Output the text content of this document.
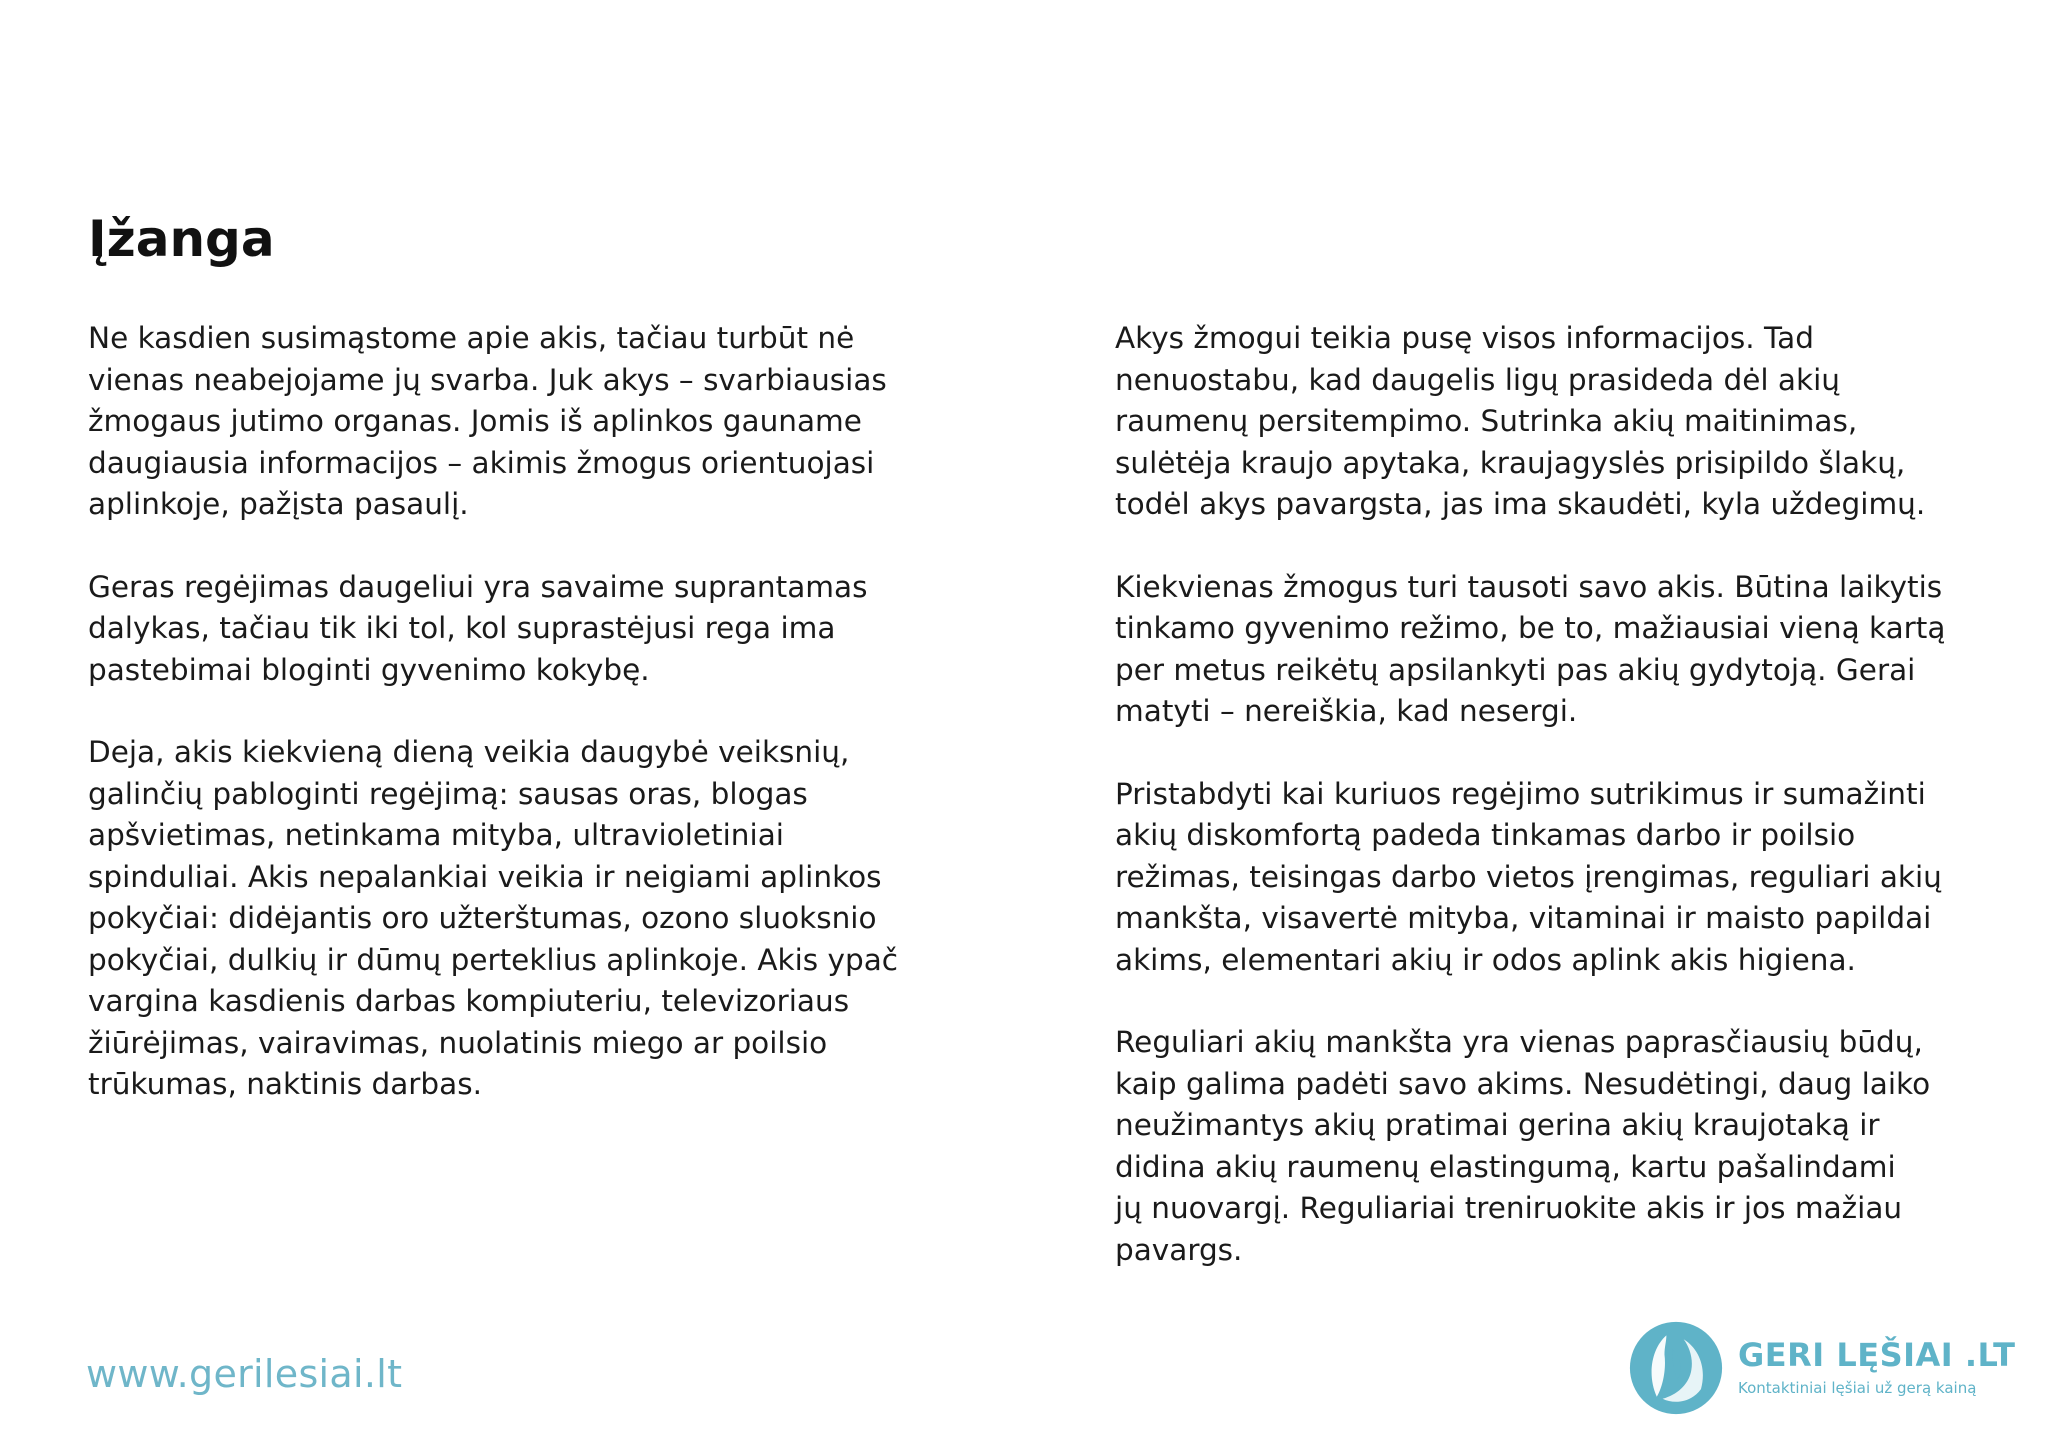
Įžanga

Ne kasdien susimąstome apie akis, tačiau turbūt nė
vienas neabejojame jų svarba. Juk akys – svarbiausias
žmogaus jutimo organas. Jomis iš aplinkos gauname
daugiausia informacijos – akimis žmogus orientuojasi
aplinkoje, pažįsta pasaulį.

Geras regėjimas daugeliui yra savaime suprantamas
dalykas, tačiau tik iki tol, kol suprastėjusi rega ima
pastebimai bloginti gyvenimo kokybę.

Deja, akis kiekvieną dieną veikia daugybė veiksnių,
galinčių pabloginti regėjimą: sausas oras, blogas
apšvietimas, netinkama mityba, ultravioletiniai
spinduliai. Akis nepalankiai veikia ir neigiami aplinkos
pokyčiai: didėjantis oro užterštumas, ozono sluoksnio
pokyčiai, dulkių ir dūmų perteklius aplinkoje. Akis ypač
vargina kasdienis darbas kompiuteriu, televizoriaus
žiūrėjimas, vairavimas, nuolatinis miego ar poilsio
trūkumas, naktinis darbas.

Akys žmogui teikia pusę visos informacijos. Tad
nenuostabu, kad daugelis ligų prasideda dėl akių
raumenų persitempimo. Sutrinka akių maitinimas,
sulėtėja kraujo apytaka, kraujagyslės prisipildo šlakų,
todėl akys pavargsta, jas ima skaudėti, kyla uždegimų.

Kiekvienas žmogus turi tausoti savo akis. Būtina laikytis
tinkamo gyvenimo režimo, be to, mažiausiai vieną kartą
per metus reikėtų apsilankyti pas akių gydytoją. Gerai
matyti – nereiškia, kad nesergi.

Pristabdyti kai kuriuos regėjimo sutrikimus ir sumažinti
akių diskomfortą padeda tinkamas darbo ir poilsio
režimas, teisingas darbo vietos įrengimas, reguliari akių
mankšta, visavertė mityba, vitaminai ir maisto papildai
akims, elementari akių ir odos aplink akis higiena.

Reguliari akių mankšta yra vienas paprasčiausių būdų,
kaip galima padėti savo akims. Nesudėtingi, daug laiko
neužimantys akių pratimai gerina akių kraujotaką ir
didina akių raumenų elastingumą, kartu pašalindami
jų nuovargį. Reguliariai treniruokite akis ir jos mažiau
pavargs.

www.gerilesiai.lt	GERI LĘŠIAI .LT
Kontaktiniai lęšiai už gerą kainą
